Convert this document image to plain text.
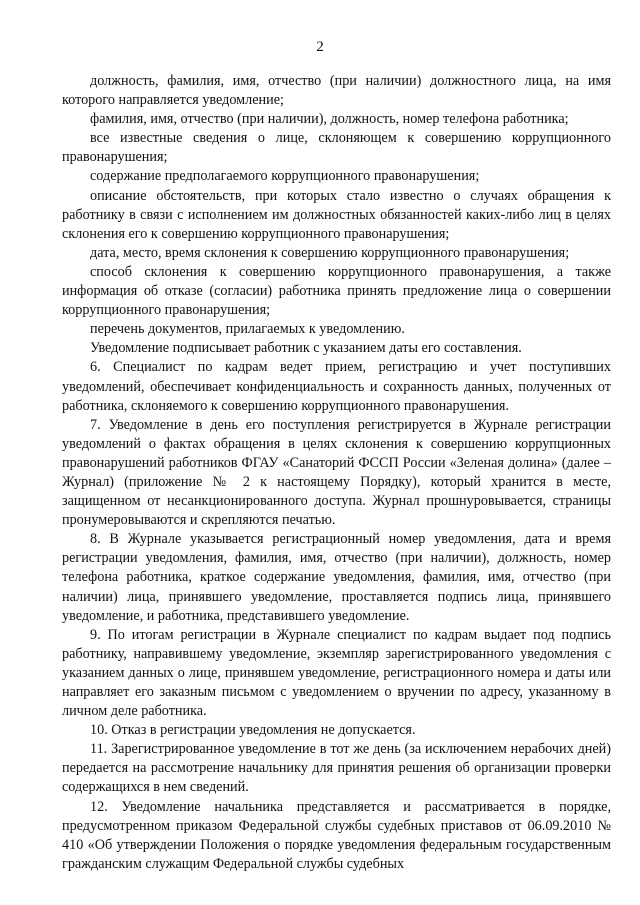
2

должность, фамилия, имя, отчество (при наличии) должностного лица, на имя которого направляется уведомление;

фамилия, имя, отчество (при наличии), должность, номер телефона работника;

все известные сведения о лице, склоняющем к совершению коррупционного правонарушения;

содержание предполагаемого коррупционного правонарушения;

описание обстоятельств, при которых стало известно о случаях обращения к работнику в связи с исполнением им должностных обязанностей каких-либо лиц в целях склонения его к совершению коррупционного правонарушения;

дата, место, время склонения к совершению коррупционного правонарушения;

способ склонения к совершению коррупционного правонарушения, а также информация об отказе (согласии) работника принять предложение лица о совершении коррупционного правонарушения;

перечень документов, прилагаемых к уведомлению.

Уведомление подписывает работник с указанием даты его составления.

6. Специалист по кадрам ведет прием, регистрацию и учет поступивших уведомлений, обеспечивает конфиденциальность и сохранность данных, полученных от работника, склоняемого к совершению коррупционного правонарушения.

7. Уведомление в день его поступления регистрируется в Журнале регистрации уведомлений о фактах обращения в целях склонения к совершению коррупционных правонарушений работников ФГАУ «Санаторий ФССП России «Зеленая долина» (далее – Журнал) (приложение № 2 к настоящему Порядку), который хранится в месте, защищенном от несанкционированного доступа. Журнал прошнуровывается, страницы пронумеровываются и скрепляются печатью.

8. В Журнале указывается регистрационный номер уведомления, дата и время регистрации уведомления, фамилия, имя, отчество (при наличии), должность, номер телефона работника, краткое содержание уведомления, фамилия, имя, отчество (при наличии) лица, принявшего уведомление, проставляется подпись лица, принявшего уведомление, и работника, представившего уведомление.

9. По итогам регистрации в Журнале специалист по кадрам выдает под подпись работнику, направившему уведомление, экземпляр зарегистрированного уведомления с указанием данных о лице, принявшем уведомление, регистрационного номера и даты или направляет его заказным письмом с уведомлением о вручении по адресу, указанному в личном деле работника.

10. Отказ в регистрации уведомления не допускается.

11. Зарегистрированное уведомление в тот же день (за исключением нерабочих дней) передается на рассмотрение начальнику для принятия решения об организации проверки содержащихся в нем сведений.

12. Уведомление начальника представляется и рассматривается в порядке, предусмотренном приказом Федеральной службы судебных приставов от 06.09.2010 № 410 «Об утверждении Положения о порядке уведомления федеральным государственным гражданским служащим Федеральной службы судебных
